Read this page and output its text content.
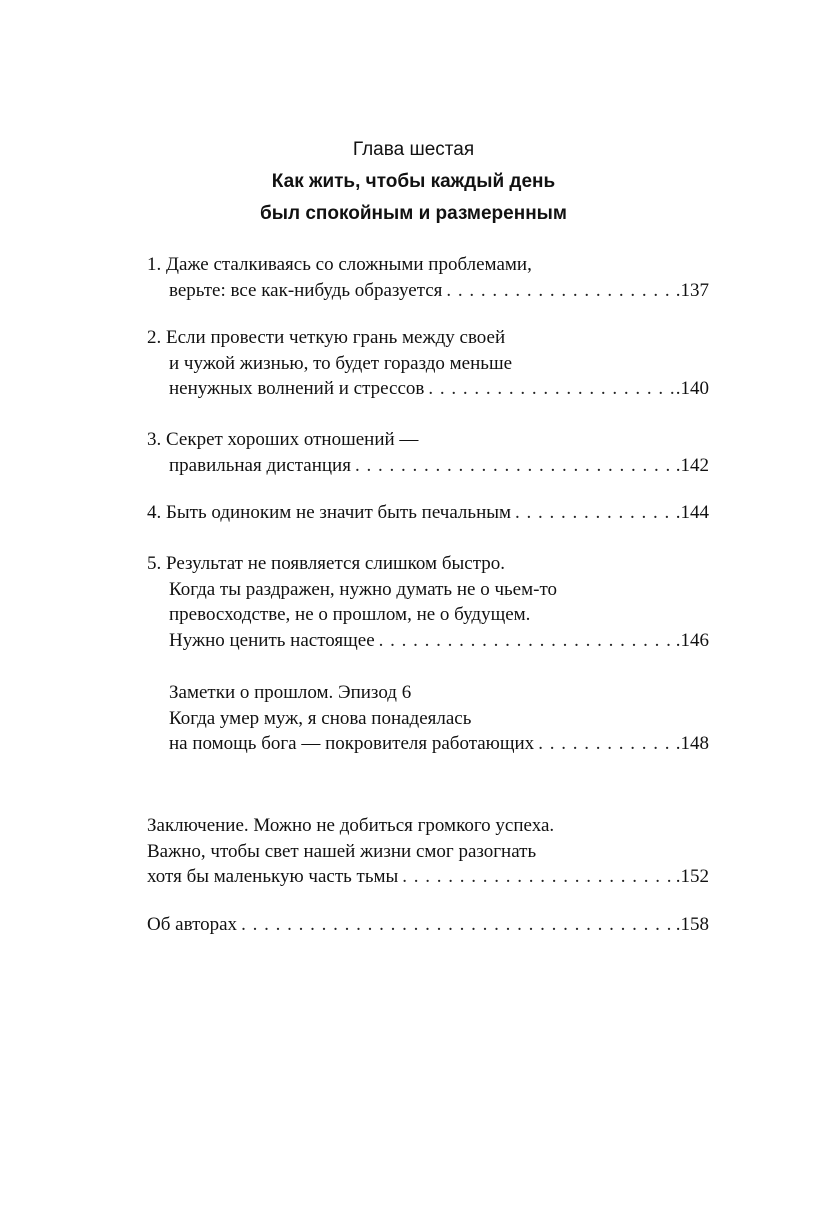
Глава шестая
Как жить, чтобы каждый день
был спокойным и размеренным
1. Даже сталкиваясь со сложными проблемами,
верьте: все как-нибудь образуется . . .	.137
2. Если провести четкую грань между своей
и чужой жизнью, то будет гораздо меньше
ненужных волнений и стрессов . . .	.140
3. Секрет хороших отношений —
правильная дистанция . . .	.142
4. Быть одиноким не значит быть печальным . . .	.144
5. Результат не появляется слишком быстро.
Когда ты раздражен, нужно думать не о чьем-то
превосходстве, не о прошлом, не о будущем.
Нужно ценить настоящее . . .	.146
Заметки о прошлом. Эпизод 6
Когда умер муж, я снова понадеялась
на помощь бога — покровителя работающих . . .	.148
Заключение. Можно не добиться громкого успеха.
Важно, чтобы свет нашей жизни смог разогнать
хотя бы маленькую часть тьмы . . .	.152
Об авторах . . .	.158
